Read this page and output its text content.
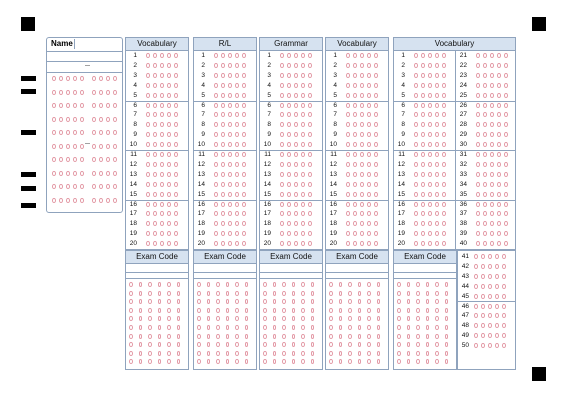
Name
—
—
Vocabulary
1
2
3
4
5
6
7
8
9
10
11
12
13
14
15
16
17
18
19
20
Exam Code
R/L
1
2
3
4
5
6
7
8
9
10
11
12
13
14
15
16
17
18
19
20
Exam Code
Grammar
1
2
3
4
5
6
7
8
9
10
11
12
13
14
15
16
17
18
19
20
Exam Code
Vocabulary
1
2
3
4
5
6
7
8
9
10
11
12
13
14
15
16
17
18
19
20
Exam Code
Vocabulary
1
2
3
4
5
6
7
8
9
10
11
12
13
14
15
16
17
18
19
20
21
22
23
24
25
26
27
28
29
30
31
32
33
34
35
36
37
38
39
40
Exam Code	41
42
43
44
45
46
47
48
49
50
